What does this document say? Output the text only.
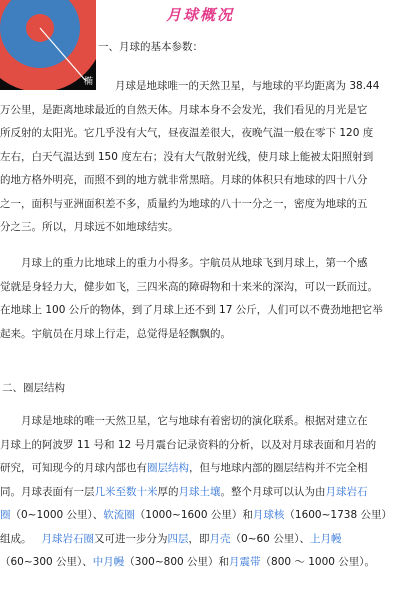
椭
月球概况
一、月球的基本参数：

月球是地球唯一的天然卫星，与地球的平均距离为 38.44

万公里，是距离地球最近的自然天体。月球本身不会发光，我们看见的月光是它

所反射的太阳光。它几乎没有大气，昼夜温差很大，夜晚气温一般在零下 120 度

左右，白天气温达到 150 度左右；没有大气散射光线，使月球上能被太阳照射到

的地方格外明亮，而照不到的地方就非常黑暗。月球的体积只有地球的四十八分

之一，面积与亚洲面积差不多，质量约为地球的八十一分之一，密度为地球的五

分之三。所以，月球远不如地球结实。

月球上的重力比地球上的重力小得多。宇航员从地球飞到月球上，第一个感

觉就是身轻力大，健步如飞，三四米高的障碍物和十来米的深沟，可以一跃而过。

在地球上 100 公斤的物体，到了月球上还不到 17 公斤，人们可以不费劲地把它举

起来。宇航员在月球上行走，总觉得是轻飘飘的。

二、圈层结构

月球是地球的唯一天然卫星，它与地球有着密切的演化联系。根据对建立在

月球上的阿波罗 11 号和 12 号月震台记录资料的分析，以及对月球表面和月岩的

研究，可知现今的月球内部也有圈层结构，但与地球内部的圈层结构并不完全相

同。月球表面有一层几米至数十米厚的月球土壤。整个月球可以认为由月球岩石

圈（0~1000 公里）、软流圈（1000~1600 公里）和月球核（1600~1738 公里）

组成。 月球岩石圈又可进一步分为四层，即月壳（0~60 公里）、上月幔

（60~300 公里）、中月幔（300~800 公里）和月震带（800 ～ 1000 公里）。
